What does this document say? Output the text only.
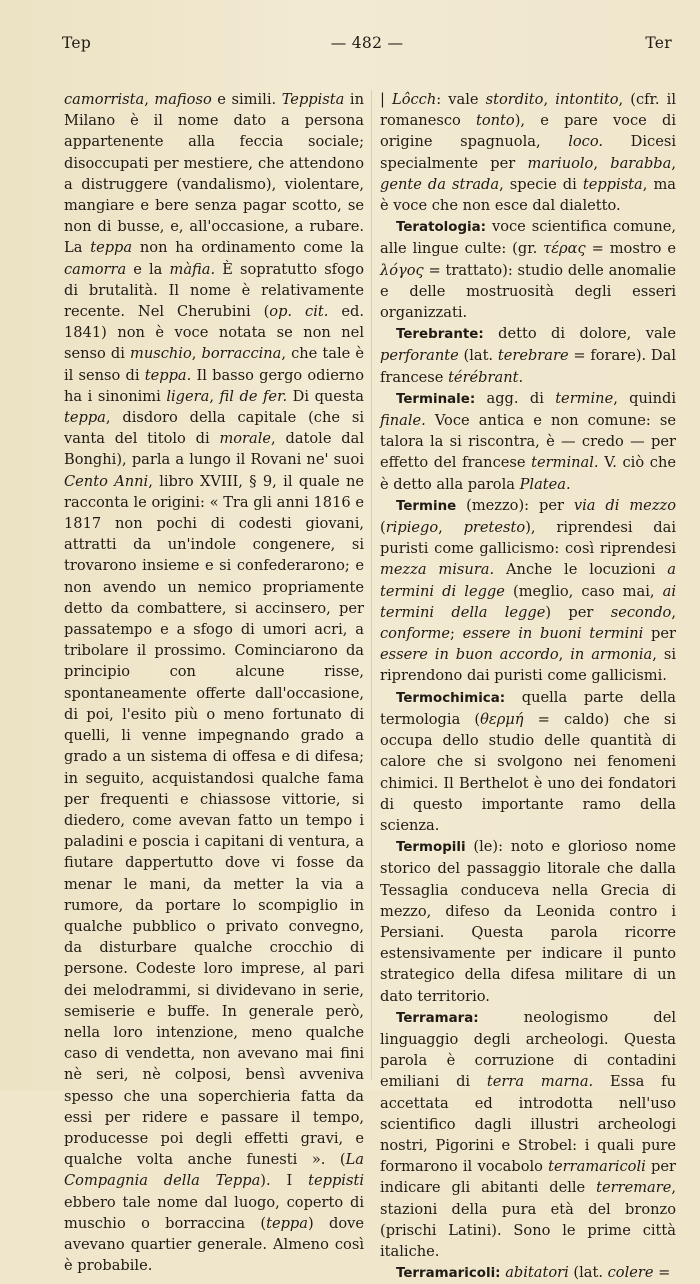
Tep	— 482 —	Ter

camorrista, mafioso e simili. Teppista in Milano è il nome dato a persona appartenente alla feccia sociale; disoccupati per mestiere, che attendono a distruggere (vandalismo), violentare, mangiare e bere senza pagar scotto, se non di busse, e, all'occasione, a rubare. La teppa non ha ordinamento come la camorra e la màfia. È sopratutto sfogo di brutalità. Il nome è relativamente recente. Nel Cherubini (op. cit. ed. 1841) non è voce notata se non nel senso di muschio, borraccina, che tale è il senso di teppa. Il basso gergo odierno ha i sinonimi ligera, fil de fer. Di questa teppa, disdoro della capitale (che si vanta del titolo di morale, datole dal Bonghi), parla a lungo il Rovani ne' suoi Cento Anni, libro XVIII, § 9, il quale ne racconta le origini: « Tra gli anni 1816 e 1817 non pochi di codesti giovani, attratti da un'indole congenere, si trovarono insieme e si confederarono; e non avendo un nemico propriamente detto da combattere, si accinsero, per passatempo e a sfogo di umori acri, a tribolare il prossimo. Cominciarono da principio con alcune risse, spontaneamente offerte dall'occasione, di poi, l'esito più o meno fortunato di quelli, li venne impegnando grado a grado a un sistema di offesa e di difesa; in seguito, acquistandosi qualche fama per frequenti e chiassose vittorie, si diedero, come avevan fatto un tempo i paladini e poscia i capitani di ventura, a fiutare dappertutto dove vi fosse da menar le mani, da metter la via a rumore, da portare lo scompiglio in qualche pubblico o privato convegno, da disturbare qualche crocchio di persone. Codeste loro imprese, al pari dei melodrammi, si dividevano in serie, semiserie e buffe. In generale però, nella loro intenzione, meno qualche caso di vendetta, non avevano mai fini nè seri, nè colposi, bensì avveniva spesso che una soperchieria fatta da essi per ridere e passare il tempo, producesse poi degli effetti gravi, e qualche volta anche funesti ». (La Compagnia della Teppa). I teppisti ebbero tale nome dal luogo, coperto di muschio o borraccina (teppa) dove avevano quartier generale. Almeno così è probabile.

| Lôcch: vale stordito, intontito, (cfr. il romanesco tonto), e pare voce di origine spagnuola, loco. Dicesi specialmente per mariuolo, barabba, gente da strada, specie di teppista, ma è voce che non esce dal dialetto.

Teratologia: voce scientifica comune, alle lingue culte: (gr. τέρας = mostro e λόγος = trattato): studio delle anomalie e delle mostruosità degli esseri organizzati.

Terebrante: detto di dolore, vale perforante (lat. terebrare = forare). Dal francese térébrant.

Terminale: agg. di termine, quindi finale. Voce antica e non comune: se talora la si riscontra, è — credo — per effetto del francese terminal. V. ciò che è detto alla parola Platea.

Termine (mezzo): per via di mezzo (ripiego, pretesto), riprendesi dai puristi come gallicismo: così riprendesi mezza misura. Anche le locuzioni a termini di legge (meglio, caso mai, ai termini della legge) per secondo, conforme; essere in buoni termini per essere in buon accordo, in armonia, si riprendono dai puristi come gallicismi.

Termochimica: quella parte della termologia (θερμή = caldo) che si occupa dello studio delle quantità di calore che si svolgono nei fenomeni chimici. Il Berthelot è uno dei fondatori di questo importante ramo della scienza.

Termopili (le): noto e glorioso nome storico del passaggio litorale che dalla Tessaglia conduceva nella Grecia di mezzo, difeso da Leonida contro i Persiani. Questa parola ricorre estensivamente per indicare il punto strategico della difesa militare di un dato territorio.

Terramara: neologismo del linguaggio degli archeologi. Questa parola è corruzione di contadini emiliani di terra marna. Essa fu accettata ed introdotta nell'uso scientifico dagli illustri archeologi nostri, Pigorini e Strobel: i quali pure formarono il vocabolo terramaricoli per indicare gli abitanti delle terremare, stazioni della pura età del bronzo (prischi Latini). Sono le prime città italiche.

Terramaricoli: abitatori (lat. colere =
